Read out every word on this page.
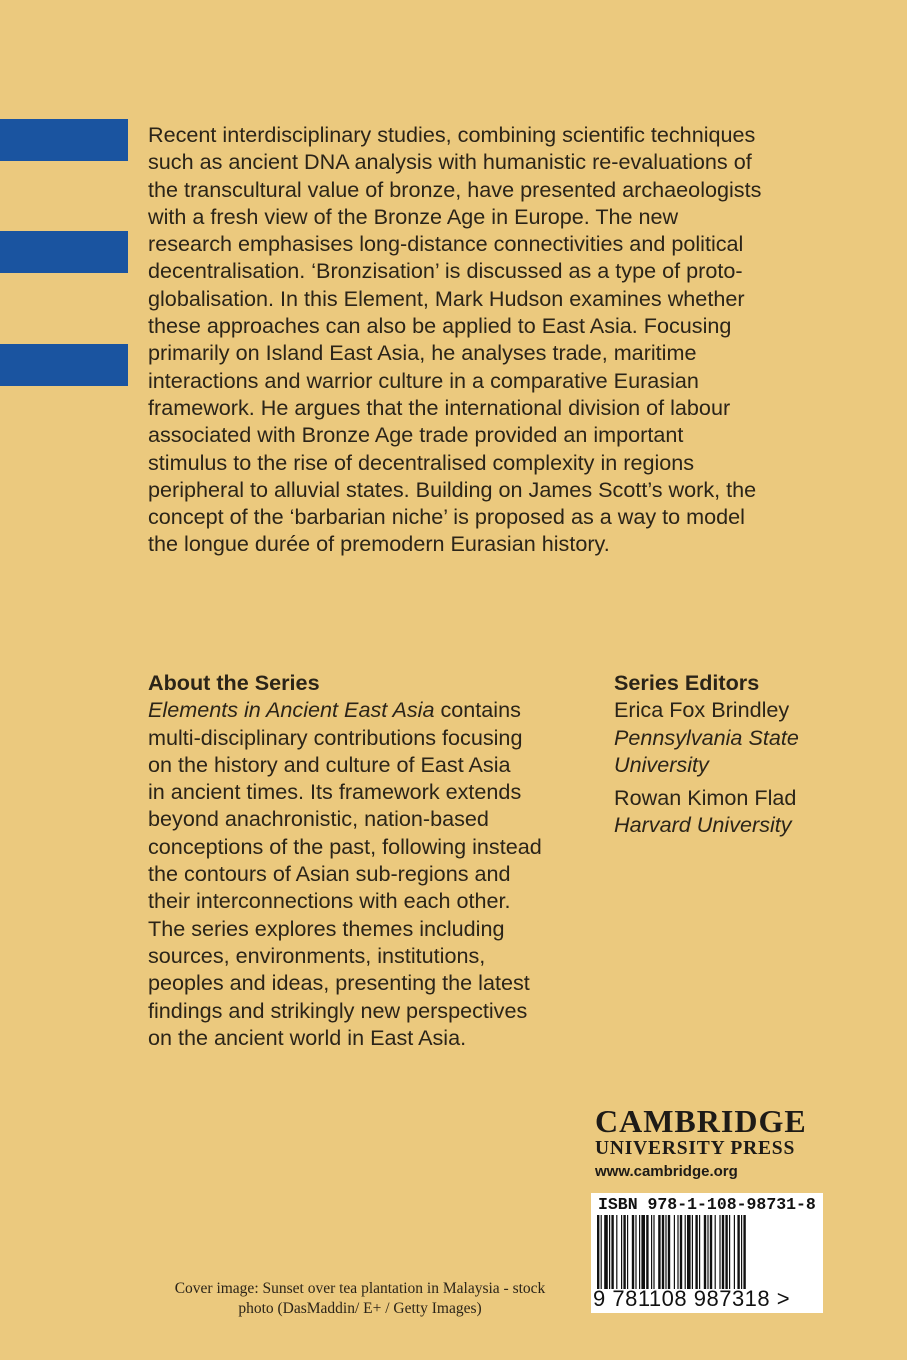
Recent interdisciplinary studies, combining scientific techniques
such as ancient DNA analysis with humanistic re-evaluations of
the transcultural value of bronze, have presented archaeologists
with a fresh view of the Bronze Age in Europe. The new
research emphasises long-distance connectivities and political
decentralisation. ‘Bronzisation’ is discussed as a type of proto-
globalisation. In this Element, Mark Hudson examines whether
these approaches can also be applied to East Asia. Focusing
primarily on Island East Asia, he analyses trade, maritime
interactions and warrior culture in a comparative Eurasian
framework. He argues that the international division of labour
associated with Bronze Age trade provided an important
stimulus to the rise of decentralised complexity in regions
peripheral to alluvial states. Building on James Scott’s work, the
concept of the ‘barbarian niche’ is proposed as a way to model
the longue durée of premodern Eurasian history.
About the Series
Elements in Ancient East Asia contains
multi-disciplinary contributions focusing
on the history and culture of East Asia
in ancient times. Its framework extends
beyond anachronistic, nation-based
conceptions of the past, following instead
the contours of Asian sub-regions and
their interconnections with each other.
The series explores themes including
sources, environments, institutions,
peoples and ideas, presenting the latest
findings and strikingly new perspectives
on the ancient world in East Asia.
Series Editors
Erica Fox Brindley
Pennsylvania State
University
Rowan Kimon Flad
Harvard University
CAMBRIDGE
UNIVERSITY PRESS
www.cambridge.org
ISBN 978-1-108-98731-8
9 781108 987318 >
Cover image: Sunset over tea plantation in Malaysia - stock
photo (DasMaddin/ E+ / Getty Images)
